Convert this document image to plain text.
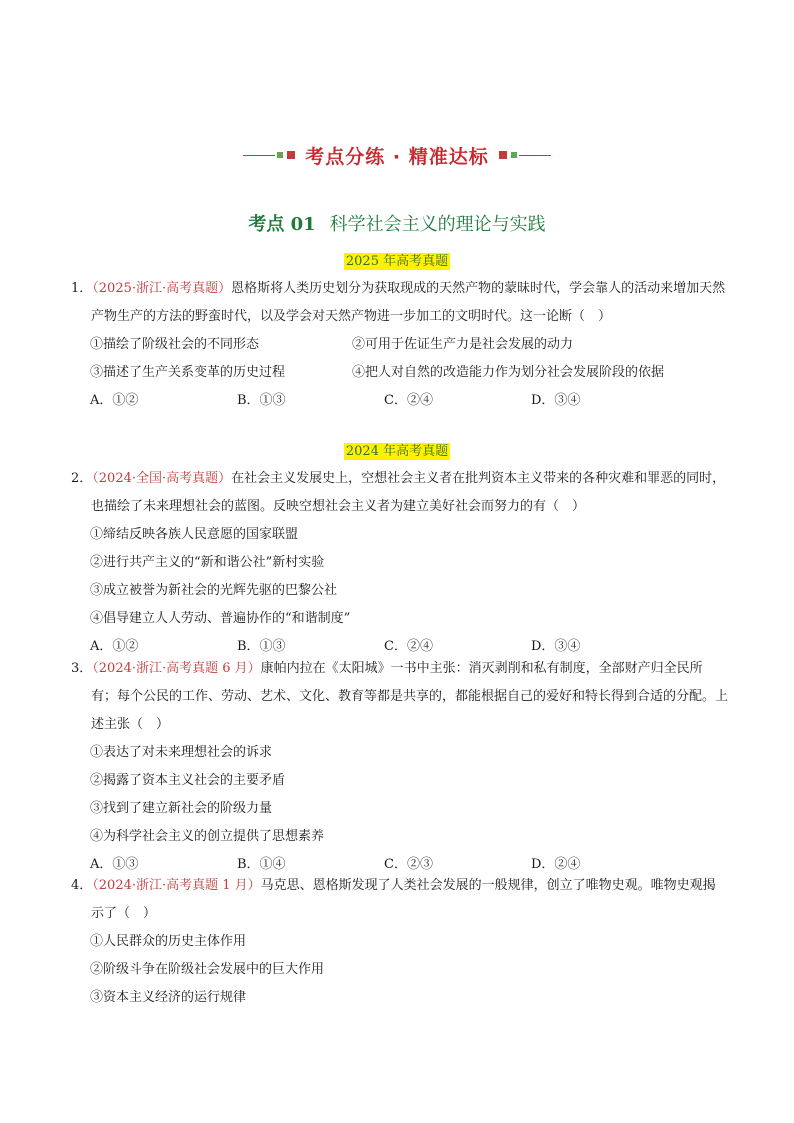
考点分练 · 精准达标
考点 01 科学社会主义的理论与实践
2025 年高考真题
1．（2025·浙江·高考真题）恩格斯将人类历史划分为获取现成的天然产物的蒙昧时代，学会靠人的活动来增加天然产物生产的方法的野蛮时代，以及学会对天然产物进一步加工的文明时代。这一论断（　）
①描绘了阶级社会的不同形态	②可用于佐证生产力是社会发展的动力
③描述了生产关系变革的历史过程	④把人对自然的改造能力作为划分社会发展阶段的依据
A．①②	B．①③	C．②④	D．③④
2024 年高考真题
2．（2024·全国·高考真题）在社会主义发展史上，空想社会主义者在批判资本主义带来的各种灾难和罪恶的同时，也描绘了未来理想社会的蓝图。反映空想社会主义者为建立美好社会而努力的有（　）
①缔结反映各族人民意愿的国家联盟
②进行共产主义的“新和谐公社”新村实验
③成立被誉为新社会的光辉先驱的巴黎公社
④倡导建立人人劳动、普遍协作的“和谐制度”
A．①②	B．①③	C．②④	D．③④
3．（2024·浙江·高考真题 6 月）康帕内拉在《太阳城》一书中主张：消灭剥削和私有制度，全部财产归全民所有；每个公民的工作、劳动、艺术、文化、教育等都是共享的，都能根据自己的爱好和特长得到合适的分配。上述主张（　）
①表达了对未来理想社会的诉求
②揭露了资本主义社会的主要矛盾
③找到了建立新社会的阶级力量
④为科学社会主义的创立提供了思想素养
A．①③	B．①④	C．②③	D．②④
4．（2024·浙江·高考真题 1 月）马克思、恩格斯发现了人类社会发展的一般规律，创立了唯物史观。唯物史观揭示了（　）
①人民群众的历史主体作用
②阶级斗争在阶级社会发展中的巨大作用
③资本主义经济的运行规律
